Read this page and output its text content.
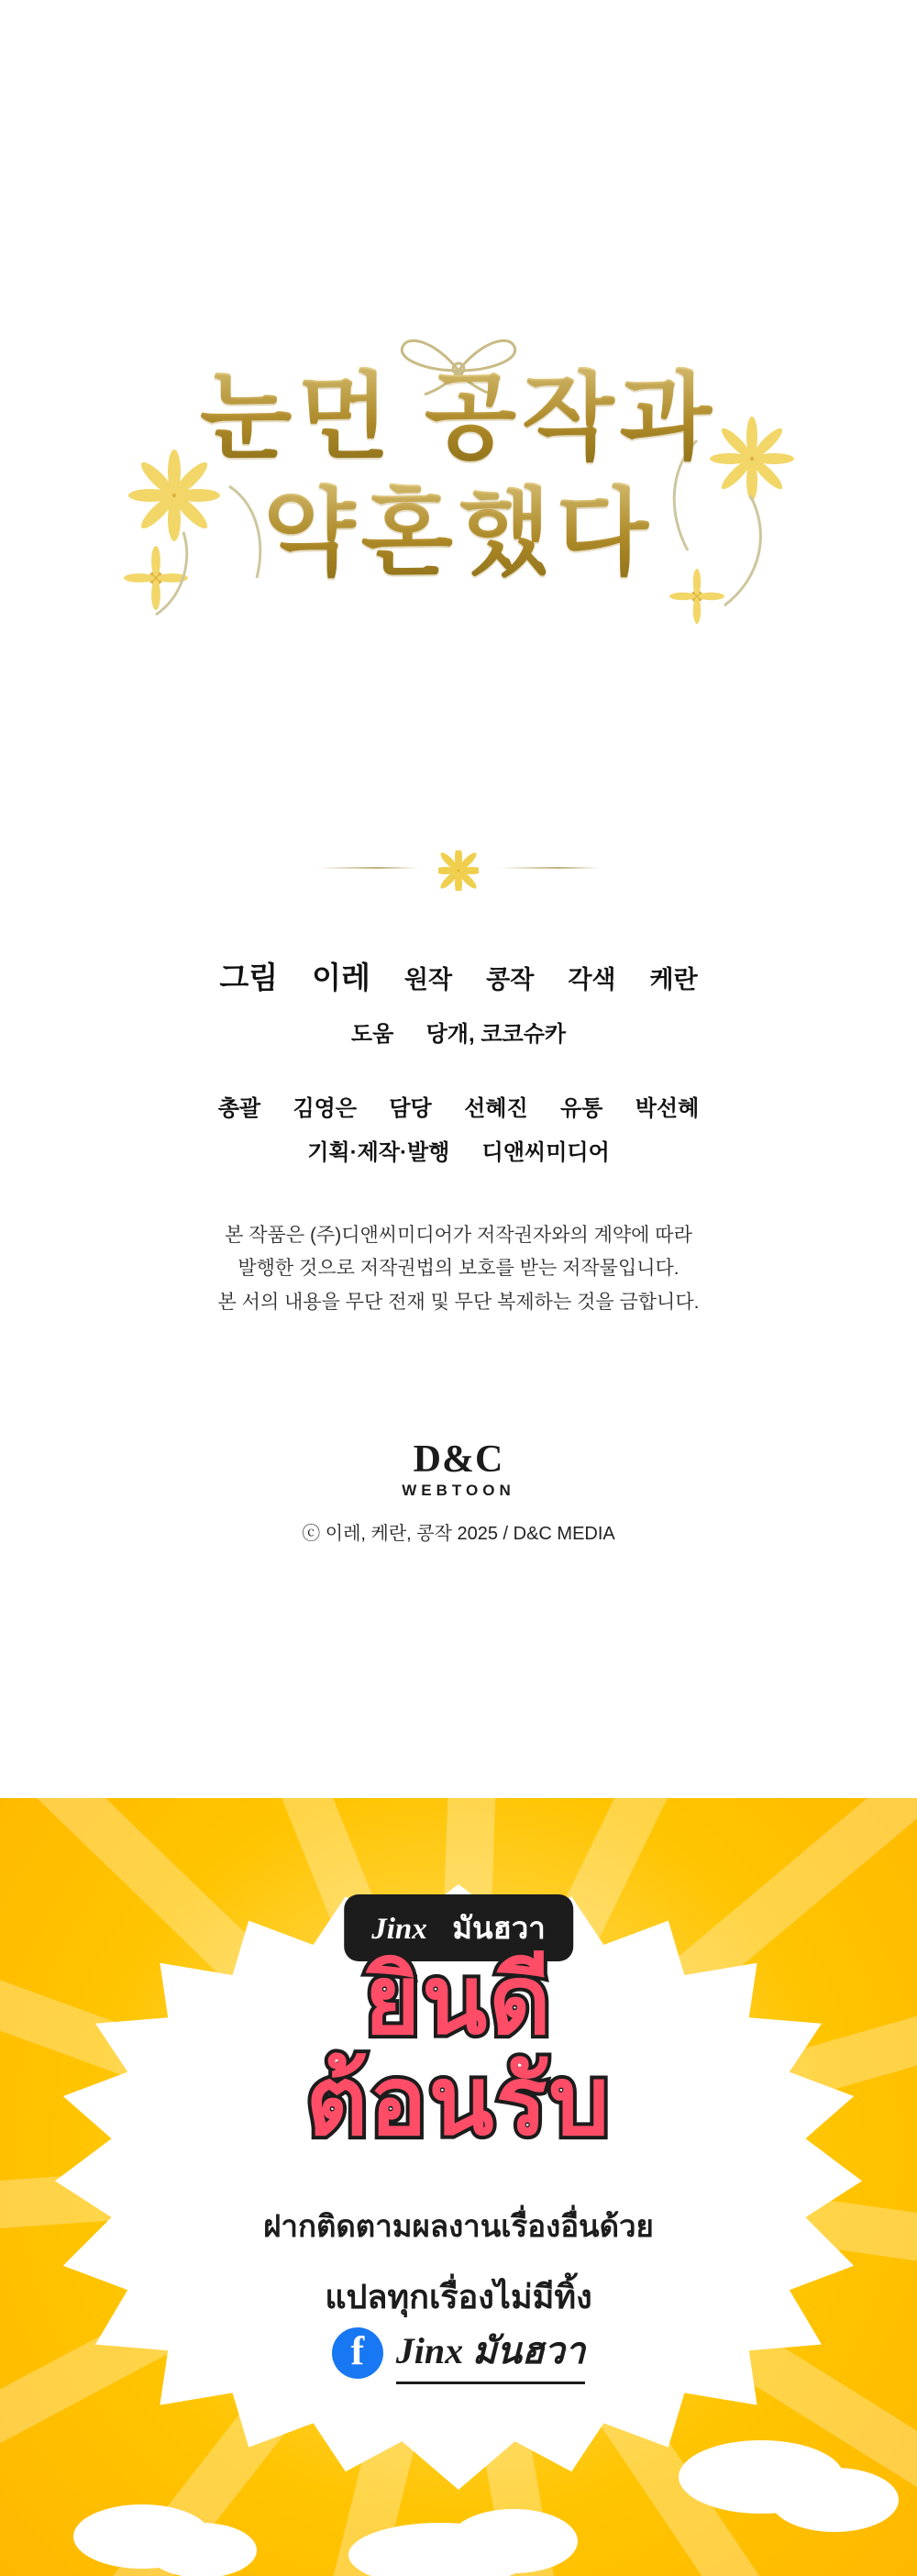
눈먼 공작과
약혼했다
그림 이레 원작 콩작 각색 케란
도움 당개, 코코슈카
총괄 김영은 담당 선혜진 유통 박선혜
기획·제작·발행 디앤씨미디어
본 작품은 (주)디앤씨미디어가 저작권자와의 계약에 따라
발행한 것으로 저작권법의 보호를 받는 저작물입니다.
본 서의 내용을 무단 전재 및 무단 복제하는 것을 금합니다.
D&C
WEBTOON
ⓒ 이레, 케란, 콩작 2025 / D&C MEDIA
Jinx มันฮวา
ยินดี
ต้อนรับ
ฝากติดตามผลงานเรื่องอื่นด้วย
แปลทุกเรื่องไม่มีทิ้ง
f Jinx มันฮวา
